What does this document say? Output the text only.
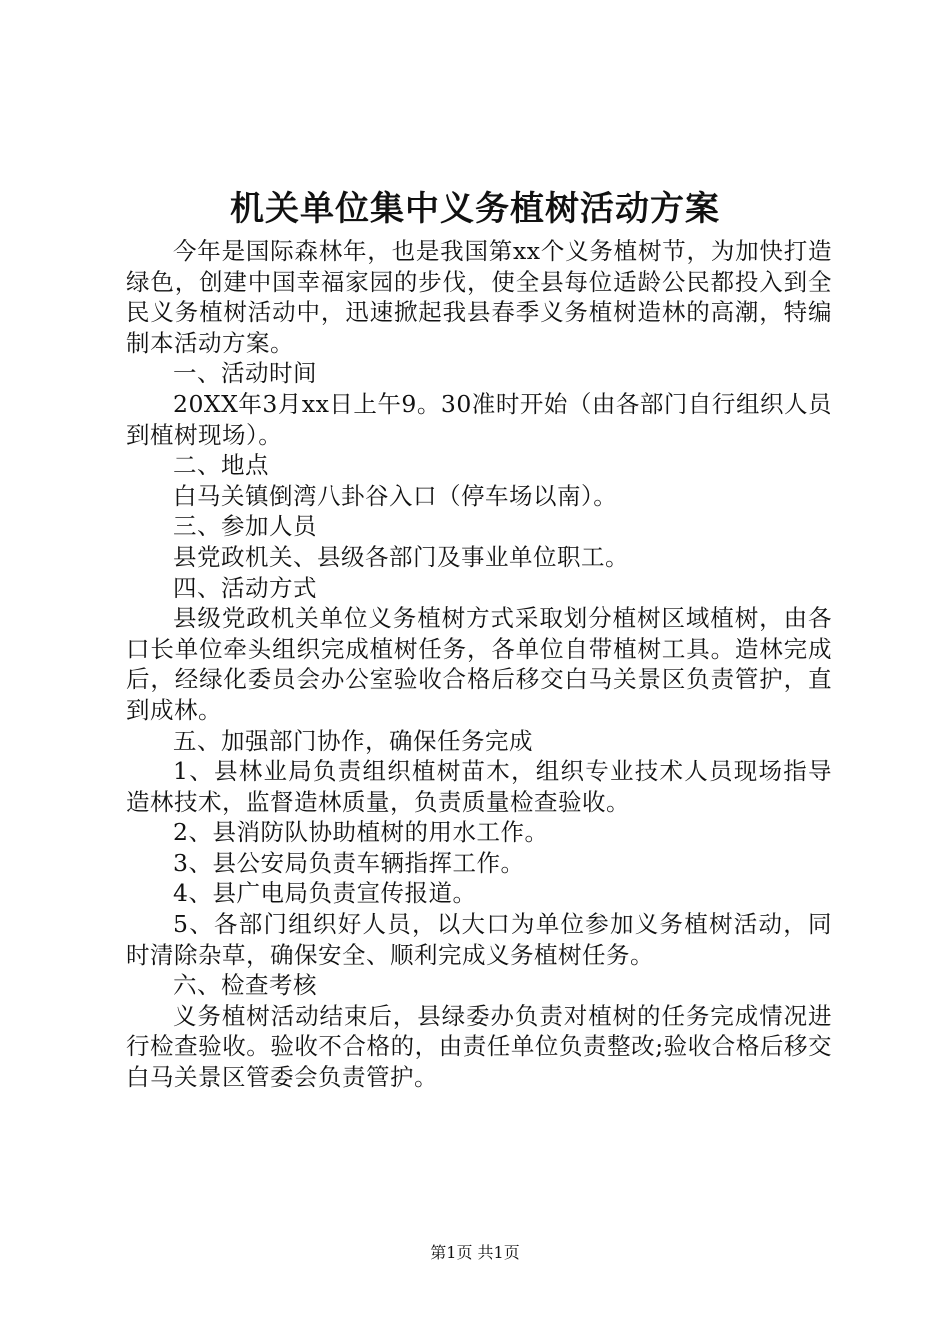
机关单位集中义务植树活动方案

今年是国际森林年，也是我国第xx个义务植树节，为加快打造绿色，创建中国幸福家园的步伐，使全县每位适龄公民都投入到全民义务植树活动中，迅速掀起我县春季义务植树造林的高潮，特编制本活动方案。

一、活动时间

20XX年3月xx日上午9。30准时开始（由各部门自行组织人员到植树现场）。

二、地点

白马关镇倒湾八卦谷入口（停车场以南）。

三、参加人员

县党政机关、县级各部门及事业单位职工。

四、活动方式

县级党政机关单位义务植树方式采取划分植树区域植树，由各口长单位牵头组织完成植树任务，各单位自带植树工具。造林完成后，经绿化委员会办公室验收合格后移交白马关景区负责管护，直到成林。

五、加强部门协作，确保任务完成

1、县林业局负责组织植树苗木，组织专业技术人员现场指导造林技术，监督造林质量，负责质量检查验收。

2、县消防队协助植树的用水工作。

3、县公安局负责车辆指挥工作。

4、县广电局负责宣传报道。

5、各部门组织好人员，以大口为单位参加义务植树活动，同时清除杂草，确保安全、顺利完成义务植树任务。

六、检查考核

义务植树活动结束后，县绿委办负责对植树的任务完成情况进行检查验收。验收不合格的，由责任单位负责整改;验收合格后移交白马关景区管委会负责管护。

第1页 共1页
